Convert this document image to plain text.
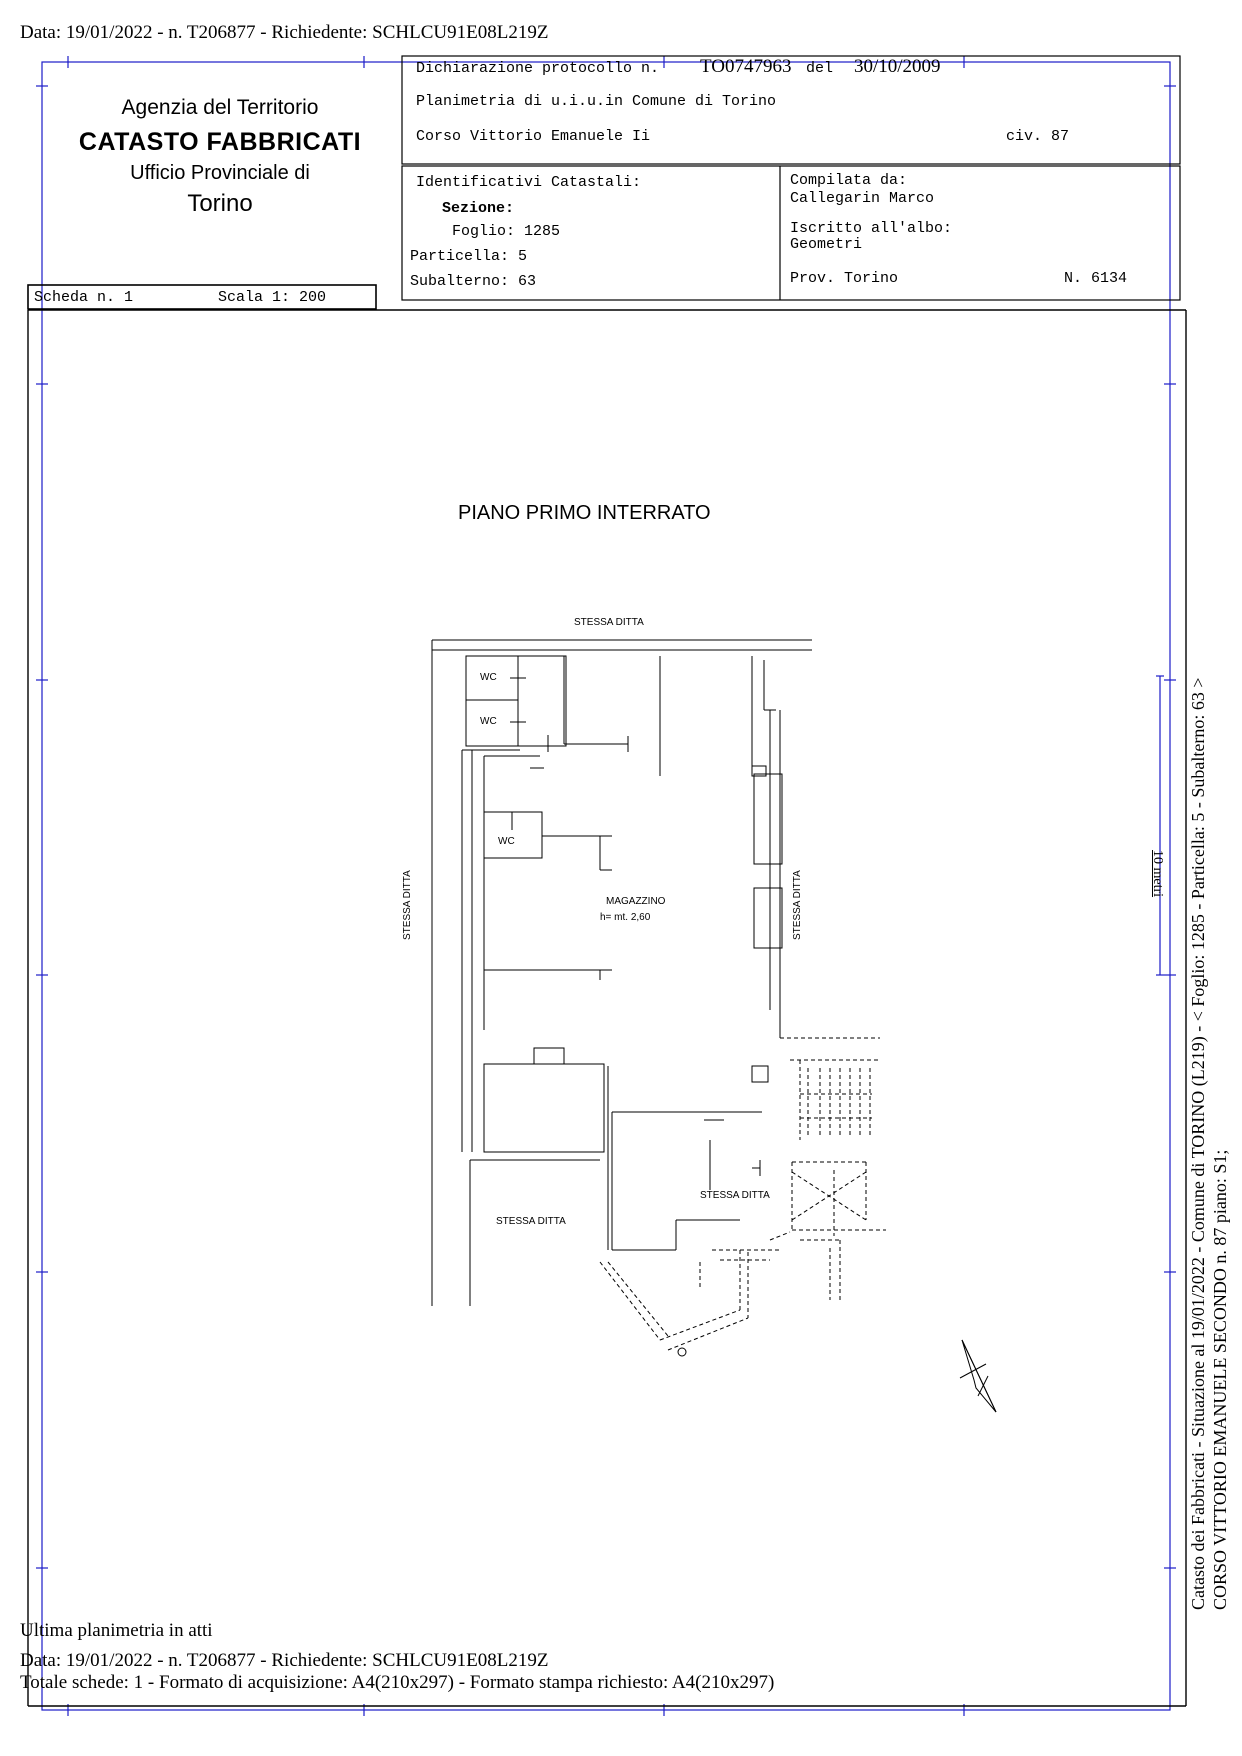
Data: 19/01/2022 - n. T206877 - Richiedente: SCHLCU91E08L219Z
Agenzia del Territorio
CATASTO FABBRICATI
Ufficio Provinciale di
Torino
Dichiarazione protocollo n. TO0747963 del 30/10/2009
Planimetria di u.i.u.in Comune di Torino
Corso Vittorio Emanuele Ii	civ. 87
Identificativi Catastali:
Sezione:
Foglio: 1285
Particella: 5
Subalterno: 63
Compilata da:
Callegarin Marco
Iscritto all'albo:
Geometri
Prov. Torino	N. 6134
Scheda n. 1	Scala 1: 200
PIANO PRIMO INTERRATO
STESSA DITTA
STESSA DITTA	STESSA DITTA
STESSA DITTA
STESSA DITTA
WC
WC
WC
MAGAZZINO
h= mt. 2,60
10 metri Catasto dei Fabbricati - Situazione al 19/01/2022 - Comune di TORINO (L219) - < Foglio: 1285 - Particella: 5 - Subalterno: 63 > CORSO VITTORIO EMANUELE SECONDO n. 87 piano: S1;
Ultima planimetria in atti
Data: 19/01/2022 - n. T206877 - Richiedente: SCHLCU91E08L219Z
Totale schede: 1 - Formato di acquisizione: A4(210x297) - Formato stampa richiesto: A4(210x297)
